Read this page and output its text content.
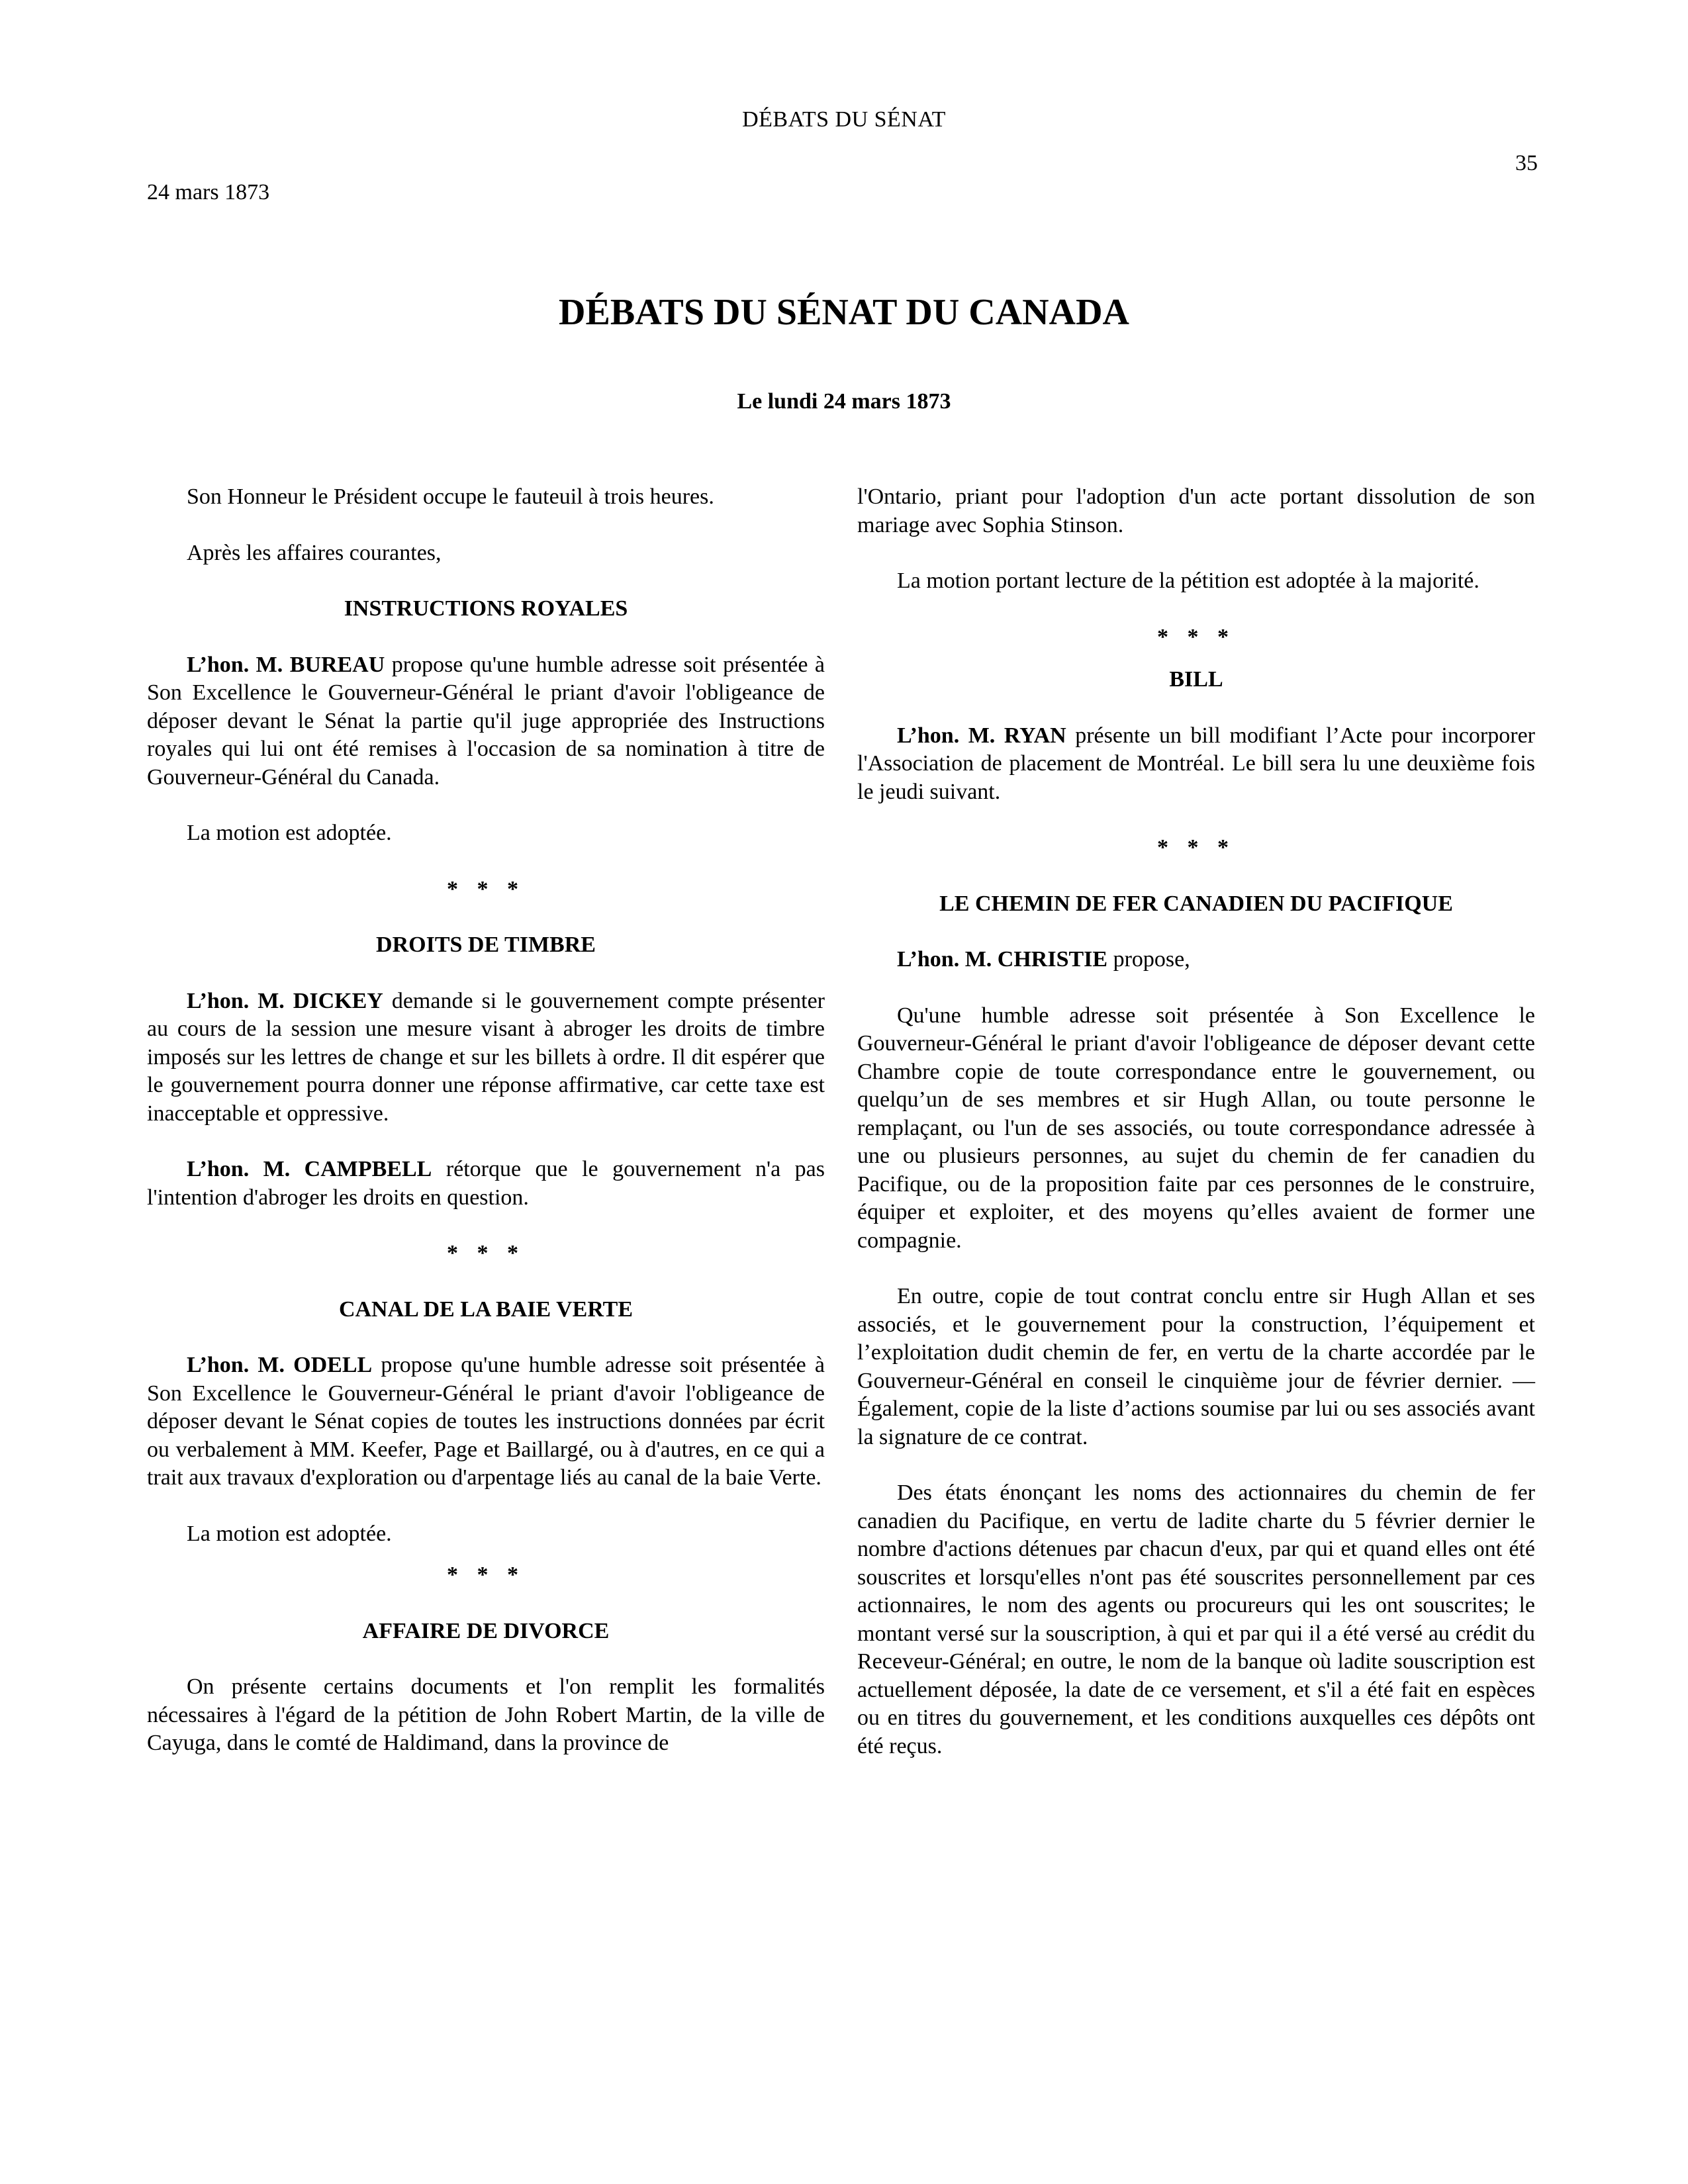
DÉBATS DU SÉNAT
35
24 mars 1873
DÉBATS DU SÉNAT DU CANADA
Le lundi 24 mars 1873

Son Honneur le Président occupe le fauteuil à trois heures.

Après les affaires courantes,

INSTRUCTIONS ROYALES

L’hon. M. BUREAU propose qu'une humble adresse soit présentée à Son Excellence le Gouverneur-Général le priant d'avoir l'obligeance de déposer devant le Sénat la partie qu'il juge appropriée des Instructions royales qui lui ont été remises à l'occasion de sa nomination à titre de Gouverneur-Général du Canada.

La motion est adoptée.

* * *
DROITS DE TIMBRE

L’hon. M. DICKEY demande si le gouvernement compte présenter au cours de la session une mesure visant à abroger les droits de timbre imposés sur les lettres de change et sur les billets à ordre. Il dit espérer que le gouvernement pourra donner une réponse affirmative, car cette taxe est inacceptable et oppressive.

L’hon. M. CAMPBELL rétorque que le gouvernement n'a pas l'intention d'abroger les droits en question.

* * *
CANAL DE LA BAIE VERTE

L’hon. M. ODELL propose qu'une humble adresse soit présentée à Son Excellence le Gouverneur-Général le priant d'avoir l'obligeance de déposer devant le Sénat copies de toutes les instructions données par écrit ou verbalement à MM. Keefer, Page et Baillargé, ou à d'autres, en ce qui a trait aux travaux d'exploration ou d'arpentage liés au canal de la baie Verte.

La motion est adoptée.

* * *
AFFAIRE DE DIVORCE

On présente certains documents et l'on remplit les formalités nécessaires à l'égard de la pétition de John Robert Martin, de la ville de Cayuga, dans le comté de Haldimand, dans la province de

l'Ontario, priant pour l'adoption d'un acte portant dissolution de son mariage avec Sophia Stinson.

La motion portant lecture de la pétition est adoptée à la majorité.

* * *
BILL

L’hon. M. RYAN présente un bill modifiant l’Acte pour incorporer l'Association de placement de Montréal. Le bill sera lu une deuxième fois le jeudi suivant.

* * *
LE CHEMIN DE FER CANADIEN DU PACIFIQUE

L’hon. M. CHRISTIE propose,

Qu'une humble adresse soit présentée à Son Excellence le Gouverneur-Général le priant d'avoir l'obligeance de déposer devant cette Chambre copie de toute correspondance entre le gouvernement, ou quelqu’un de ses membres et sir Hugh Allan, ou toute personne le remplaçant, ou l'un de ses associés, ou toute correspondance adressée à une ou plusieurs personnes, au sujet du chemin de fer canadien du Pacifique, ou de la proposition faite par ces personnes de le construire, équiper et exploiter, et des moyens qu’elles avaient de former une compagnie.

En outre, copie de tout contrat conclu entre sir Hugh Allan et ses associés, et le gouvernement pour la construction, l’équipement et l’exploitation dudit chemin de fer, en vertu de la charte accordée par le Gouverneur-Général en conseil le cinquième jour de février dernier. — Également, copie de la liste d’actions soumise par lui ou ses associés avant la signature de ce contrat.

Des états énonçant les noms des actionnaires du chemin de fer canadien du Pacifique, en vertu de ladite charte du 5 février dernier le nombre d'actions détenues par chacun d'eux, par qui et quand elles ont été souscrites et lorsqu'elles n'ont pas été souscrites personnellement par ces actionnaires, le nom des agents ou procureurs qui les ont souscrites; le montant versé sur la souscription, à qui et par qui il a été versé au crédit du Receveur-Général; en outre, le nom de la banque où ladite souscription est actuellement déposée, la date de ce versement, et s'il a été fait en espèces ou en titres du gouvernement, et les conditions auxquelles ces dépôts ont été reçus.
